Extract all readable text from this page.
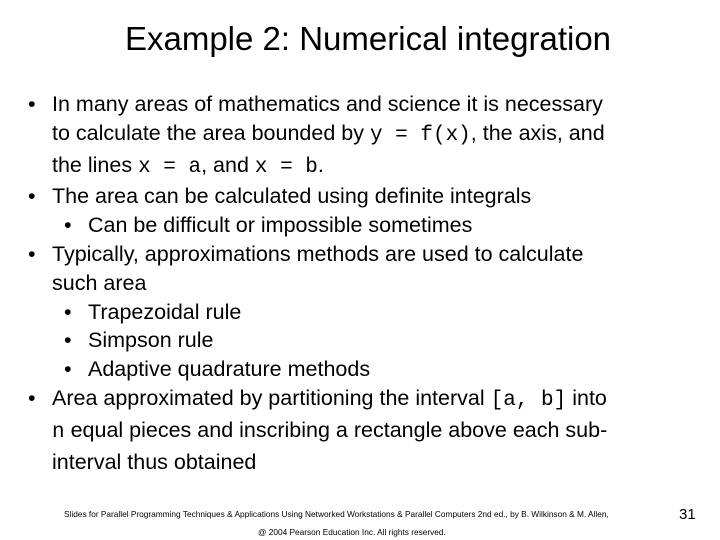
Example 2: Numerical integration
• In many areas of mathematics and science it is necessary
to calculate the area bounded by y = f(x), the axis, and
the lines x = a, and x = b.
• The area can be calculated using definite integrals
• Can be difficult or impossible sometimes
• Typically, approximations methods are used to calculate
such area
• Trapezoidal rule
• Simpson rule
• Adaptive quadrature methods
• Area approximated by partitioning the interval [a, b] into
n equal pieces and inscribing a rectangle above each sub-
interval thus obtained
Slides for Parallel Programming Techniques & Applications Using Networked Workstations & Parallel Computers 2nd ed., by B. Wilkinson & M. Allen,
@ 2004 Pearson Education Inc. All rights reserved.
31
